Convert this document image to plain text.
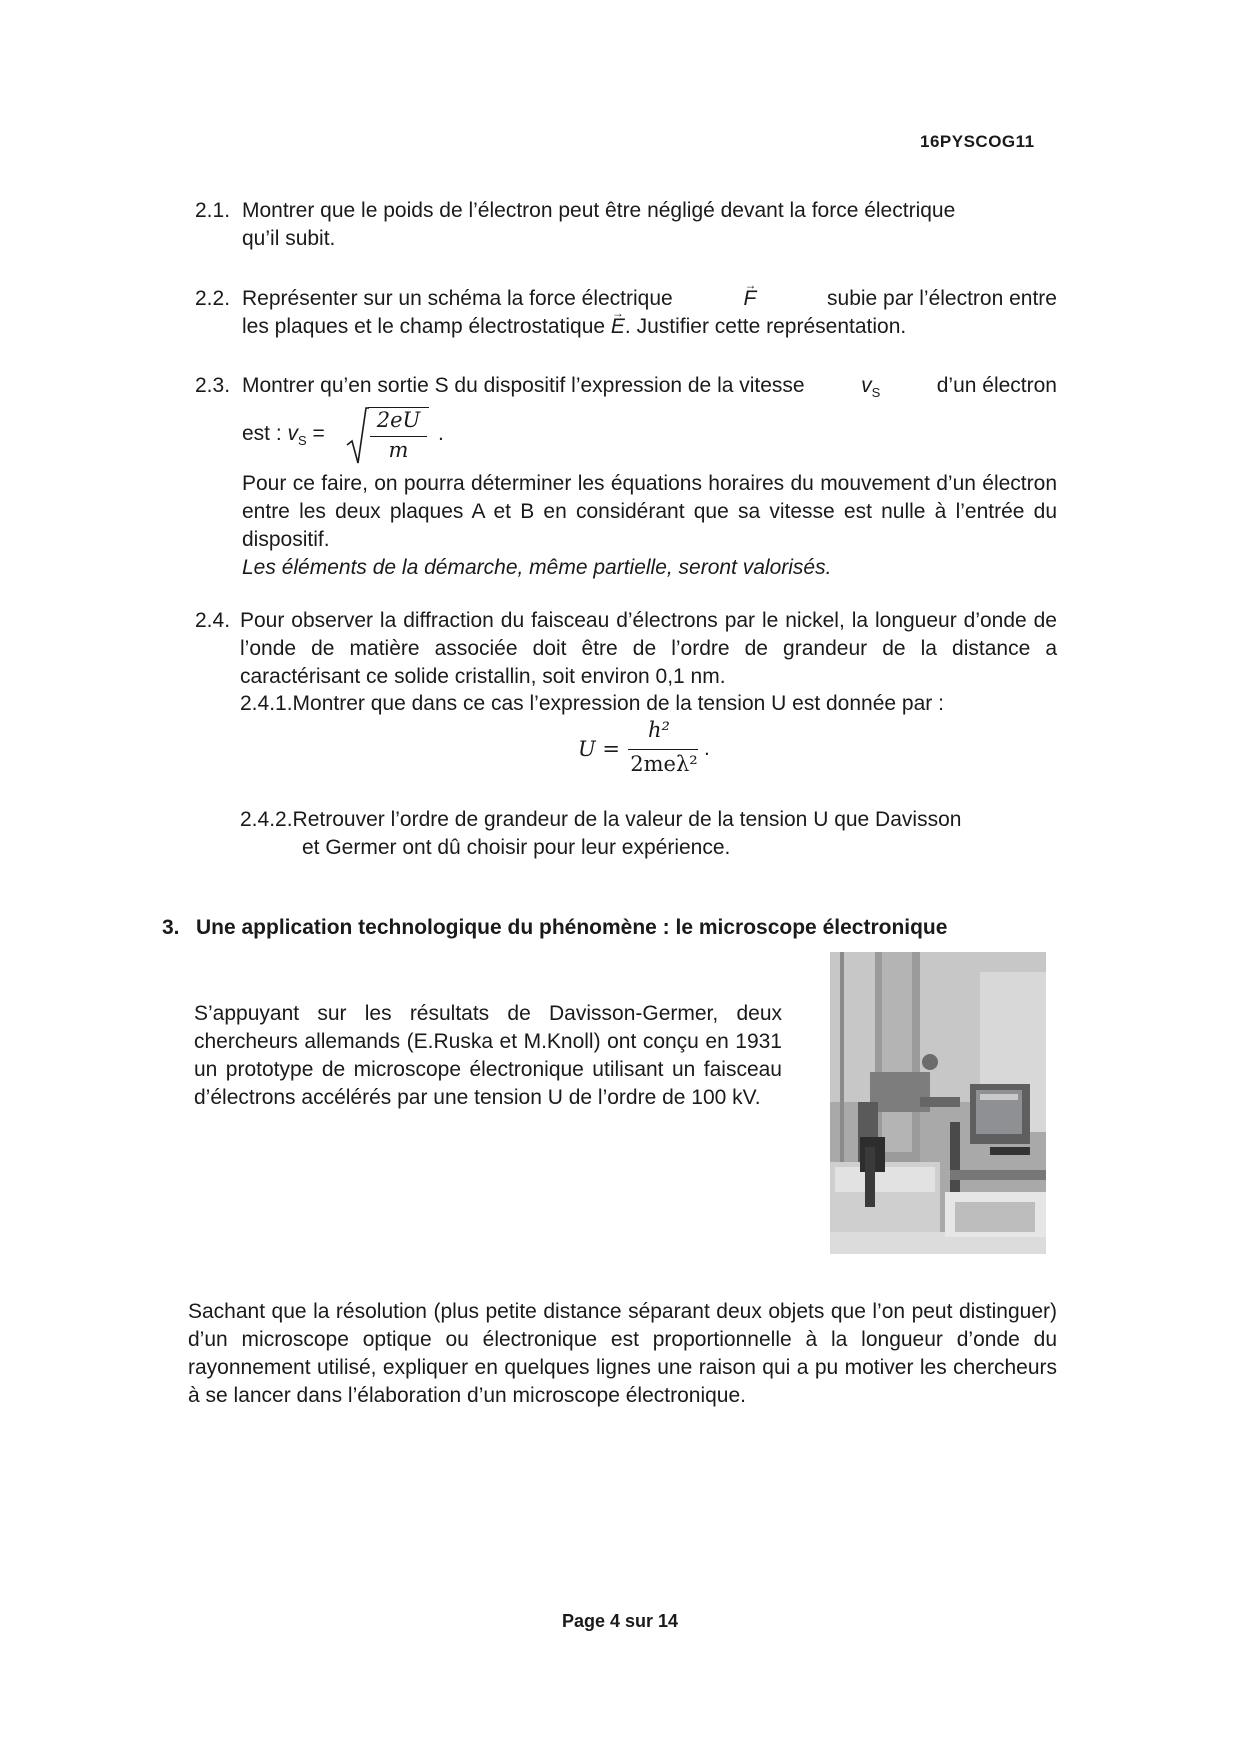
16PYSCOG11
2.1. Montrer que le poids de l’électron peut être négligé devant la force électrique
qu’il subit.
2.2. Représenter sur un schéma la force électrique	→ F	subie par l’électron entre
les plaques et le champ électrostatique → E. Justifier cette représentation.
2.3. Montrer qu’en sortie S du dispositif l’expression de la vitesse	$v_S$	d’un électron
est : $v_S$ =
2eU
m
.
Pour ce faire, on pourra déterminer les équations horaires du mouvement d’un électron entre les deux plaques A et B en considérant que sa vitesse est nulle à l’entrée du dispositif.
Les éléments de la démarche, même partielle, seront valorisés.
2.4. Pour observer la diffraction du faisceau d’électrons par le nickel, la longueur d’onde de l’onde de matière associée doit être de l’ordre de grandeur de la distance a caractérisant ce solide cristallin, soit environ 0,1 nm.
2.4.1. Montrer que dans ce cas l’expression de la tension U est donnée par :
U =
h²
2meλ²
.
2.4.2. Retrouver l’ordre de grandeur de la valeur de la tension U que Davisson
et Germer ont dû choisir pour leur expérience.
3. Une application technologique du phénomène : le microscope électronique
S’appuyant sur les résultats de Davisson-Germer, deux chercheurs allemands (E.Ruska et M.Knoll) ont conçu en 1931 un prototype de microscope électronique utilisant un faisceau d’électrons accélérés par une tension U de l’ordre de 100 kV.
Sachant que la résolution (plus petite distance séparant deux objets que l’on peut distinguer) d’un microscope optique ou électronique est proportionnelle à la longueur d’onde du rayonnement utilisé, expliquer en quelques lignes une raison qui a pu motiver les chercheurs à se lancer dans l’élaboration d’un microscope électronique.
Page 4 sur 14
